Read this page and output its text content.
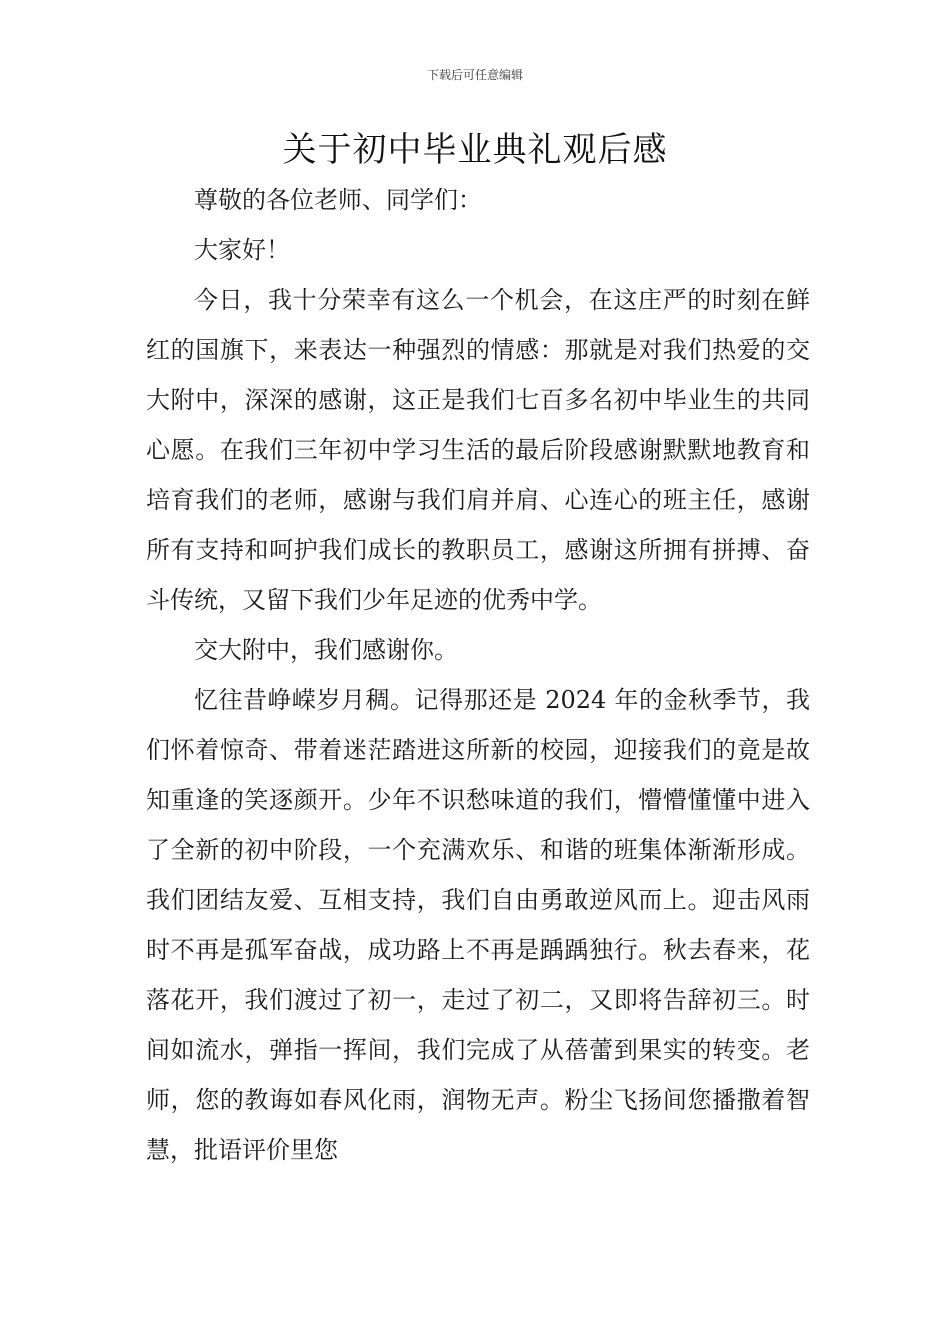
下载后可任意编辑
关于初中毕业典礼观后感

尊敬的各位老师、同学们：

大家好！

今日，我十分荣幸有这么一个机会，在这庄严的时刻在鲜红的国旗下，来表达一种强烈的情感：那就是对我们热爱的交大附中，深深的感谢，这正是我们七百多名初中毕业生的共同心愿。在我们三年初中学习生活的最后阶段感谢默默地教育和培育我们的老师，感谢与我们肩并肩、心连心的班主任，感谢所有支持和呵护我们成长的教职员工，感谢这所拥有拼搏、奋斗传统，又留下我们少年足迹的优秀中学。

交大附中，我们感谢你。

忆往昔峥嵘岁月稠。记得那还是 2024 年的金秋季节，我们怀着惊奇、带着迷茫踏进这所新的校园，迎接我们的竟是故知重逢的笑逐颜开。少年不识愁味道的我们，懵懵懂懂中进入了全新的初中阶段，一个充满欢乐、和谐的班集体渐渐形成。我们团结友爱、互相支持，我们自由勇敢逆风而上。迎击风雨时不再是孤军奋战，成功路上不再是踽踽独行。秋去春来，花落花开，我们渡过了初一，走过了初二，又即将告辞初三。时间如流水，弹指一挥间，我们完成了从蓓蕾到果实的转变。老师，您的教诲如春风化雨，润物无声。粉尘飞扬间您播撒着智慧，批语评价里您
